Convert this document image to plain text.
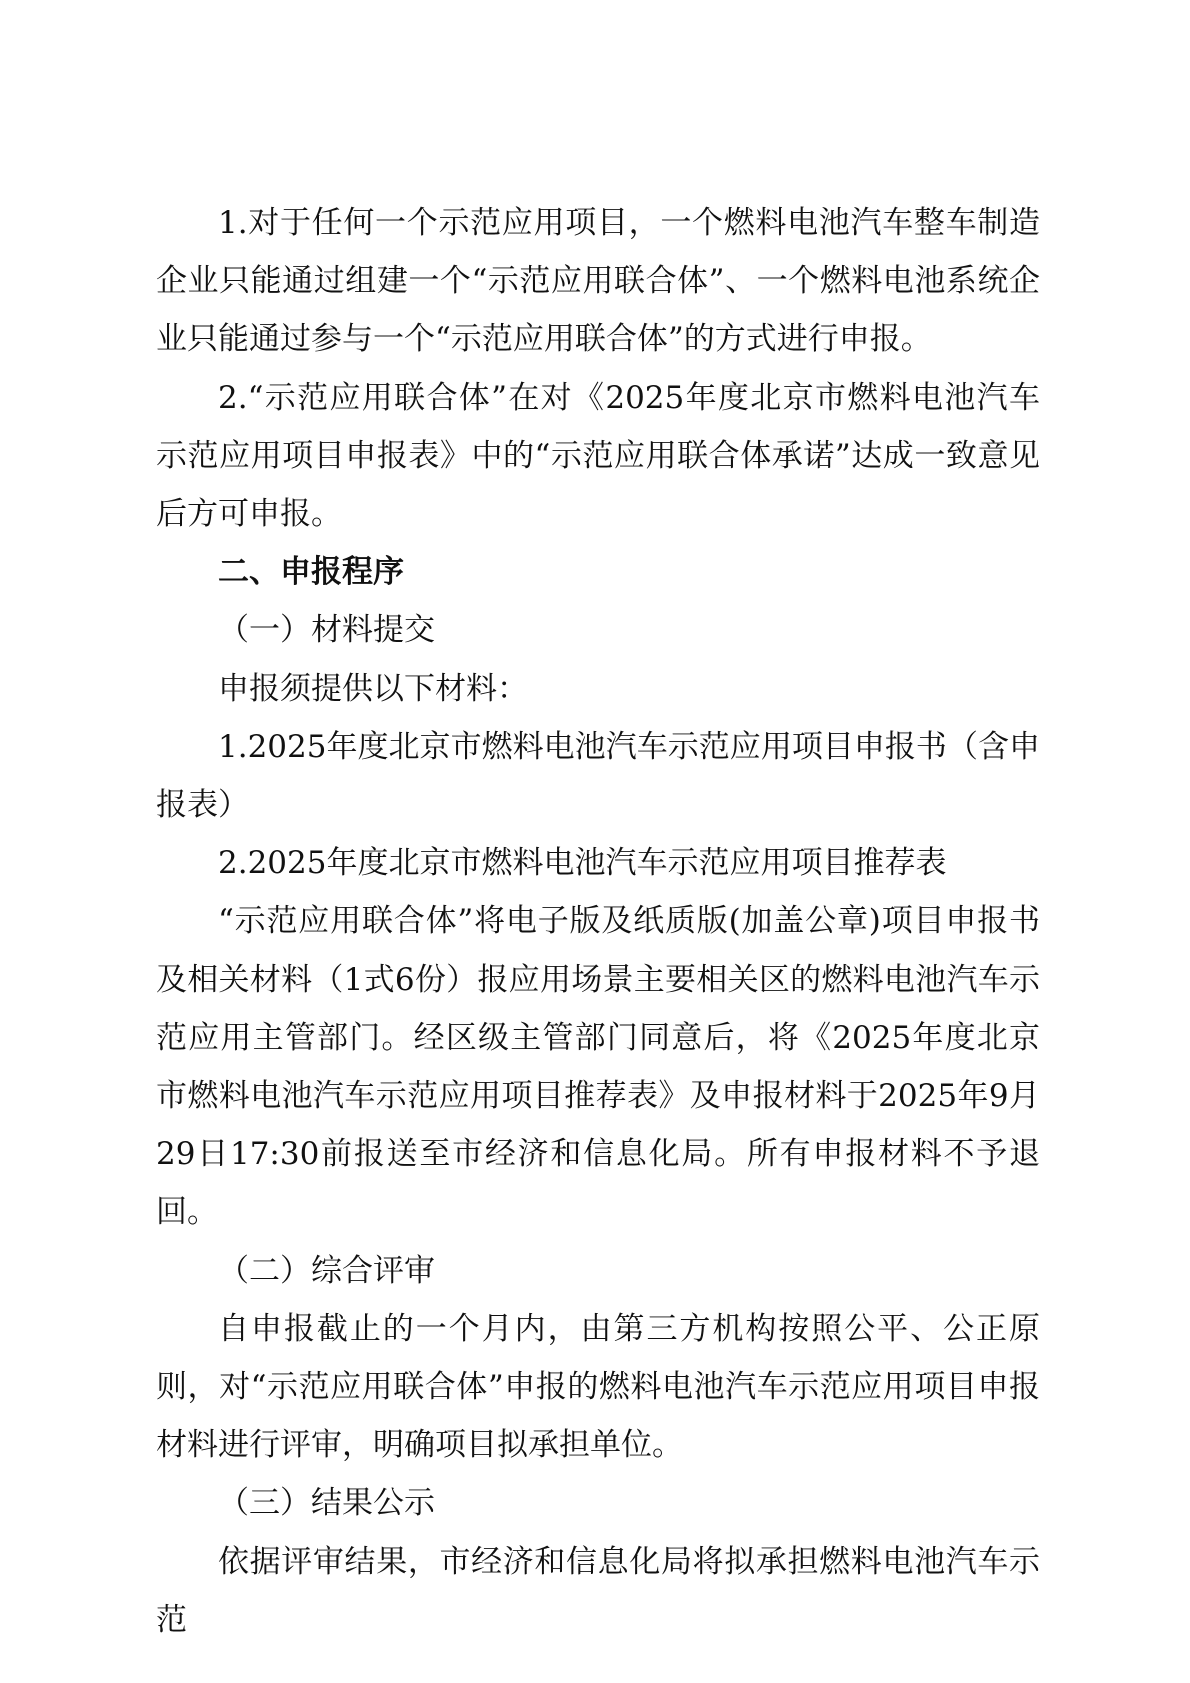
1.对于任何一个示范应用项目，一个燃料电池汽车整车制造企业只能通过组建一个“示范应用联合体”、一个燃料电池系统企业只能通过参与一个“示范应用联合体”的方式进行申报。

2.“示范应用联合体”在对《2025年度北京市燃料电池汽车示范应用项目申报表》中的“示范应用联合体承诺”达成一致意见后方可申报。

二、申报程序

（一）材料提交

申报须提供以下材料：

1.2025年度北京市燃料电池汽车示范应用项目申报书（含申报表）

2.2025年度北京市燃料电池汽车示范应用项目推荐表

“示范应用联合体”将电子版及纸质版(加盖公章)项目申报书及相关材料（1式6份）报应用场景主要相关区的燃料电池汽车示范应用主管部门。经区级主管部门同意后，将《2025年度北京市燃料电池汽车示范应用项目推荐表》及申报材料于2025年9月29日17:30前报送至市经济和信息化局。所有申报材料不予退回。

（二）综合评审

自申报截止的一个月内，由第三方机构按照公平、公正原则，对“示范应用联合体”申报的燃料电池汽车示范应用项目申报材料进行评审，明确项目拟承担单位。

（三）结果公示

依据评审结果，市经济和信息化局将拟承担燃料电池汽车示范
